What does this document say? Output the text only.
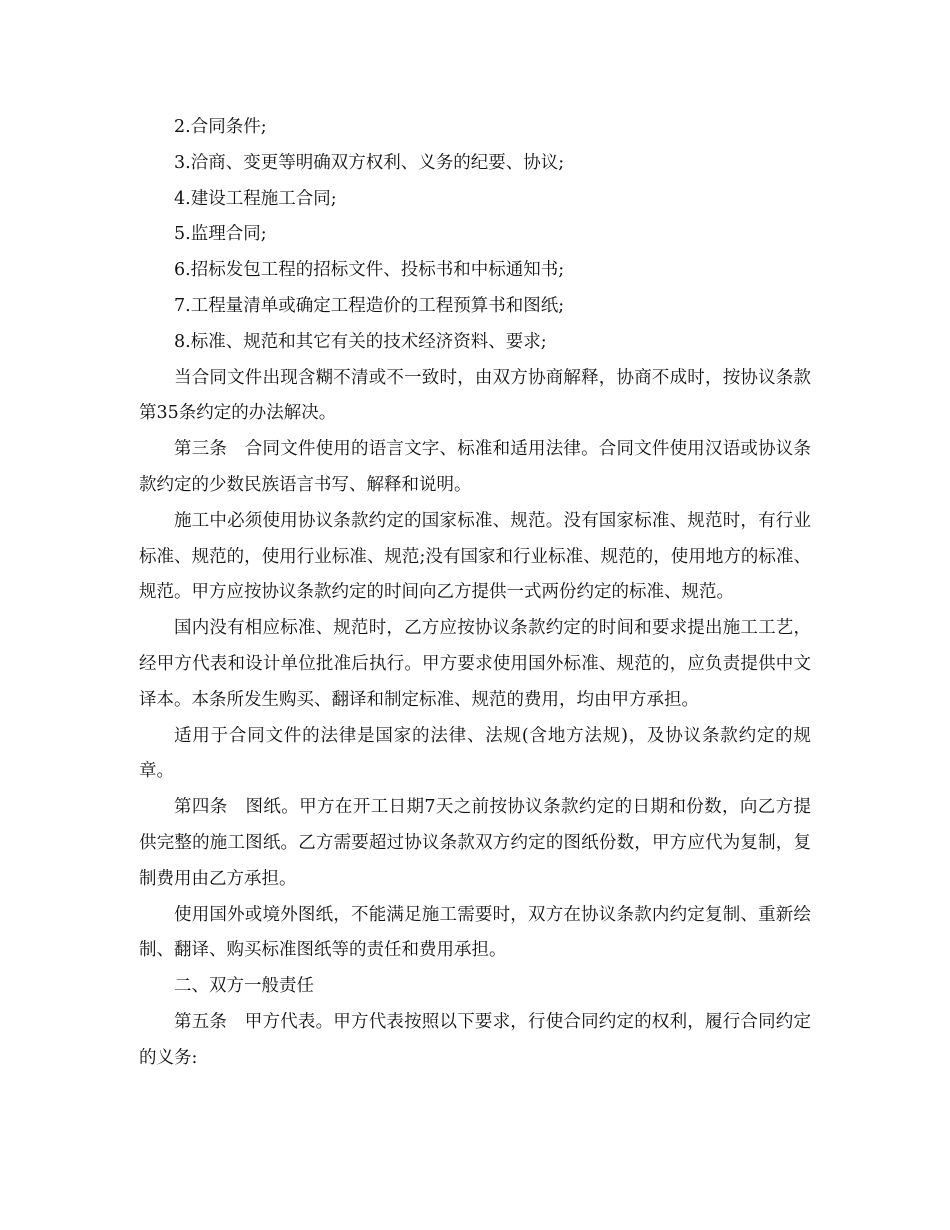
2.合同条件;

3.洽商、变更等明确双方权利、义务的纪要、协议;

4.建设工程施工合同;

5.监理合同;

6.招标发包工程的招标文件、投标书和中标通知书;

7.工程量清单或确定工程造价的工程预算书和图纸;

8.标准、规范和其它有关的技术经济资料、要求;

当合同文件出现含糊不清或不一致时，由双方协商解释，协商不成时，按协议条款第35条约定的办法解决。

第三条　合同文件使用的语言文字、标准和适用法律。合同文件使用汉语或协议条款约定的少数民族语言书写、解释和说明。

施工中必须使用协议条款约定的国家标准、规范。没有国家标准、规范时，有行业标准、规范的，使用行业标准、规范;没有国家和行业标准、规范的，使用地方的标准、规范。甲方应按协议条款约定的时间向乙方提供一式两份约定的标准、规范。

国内没有相应标准、规范时，乙方应按协议条款约定的时间和要求提出施工工艺，经甲方代表和设计单位批准后执行。甲方要求使用国外标准、规范的，应负责提供中文译本。本条所发生购买、翻译和制定标准、规范的费用，均由甲方承担。

适用于合同文件的法律是国家的法律、法规(含地方法规)，及协议条款约定的规章。

第四条　图纸。甲方在开工日期7天之前按协议条款约定的日期和份数，向乙方提供完整的施工图纸。乙方需要超过协议条款双方约定的图纸份数，甲方应代为复制，复制费用由乙方承担。

使用国外或境外图纸，不能满足施工需要时，双方在协议条款内约定复制、重新绘制、翻译、购买标准图纸等的责任和费用承担。

二、双方一般责任

第五条　甲方代表。甲方代表按照以下要求，行使合同约定的权利，履行合同约定的义务:
